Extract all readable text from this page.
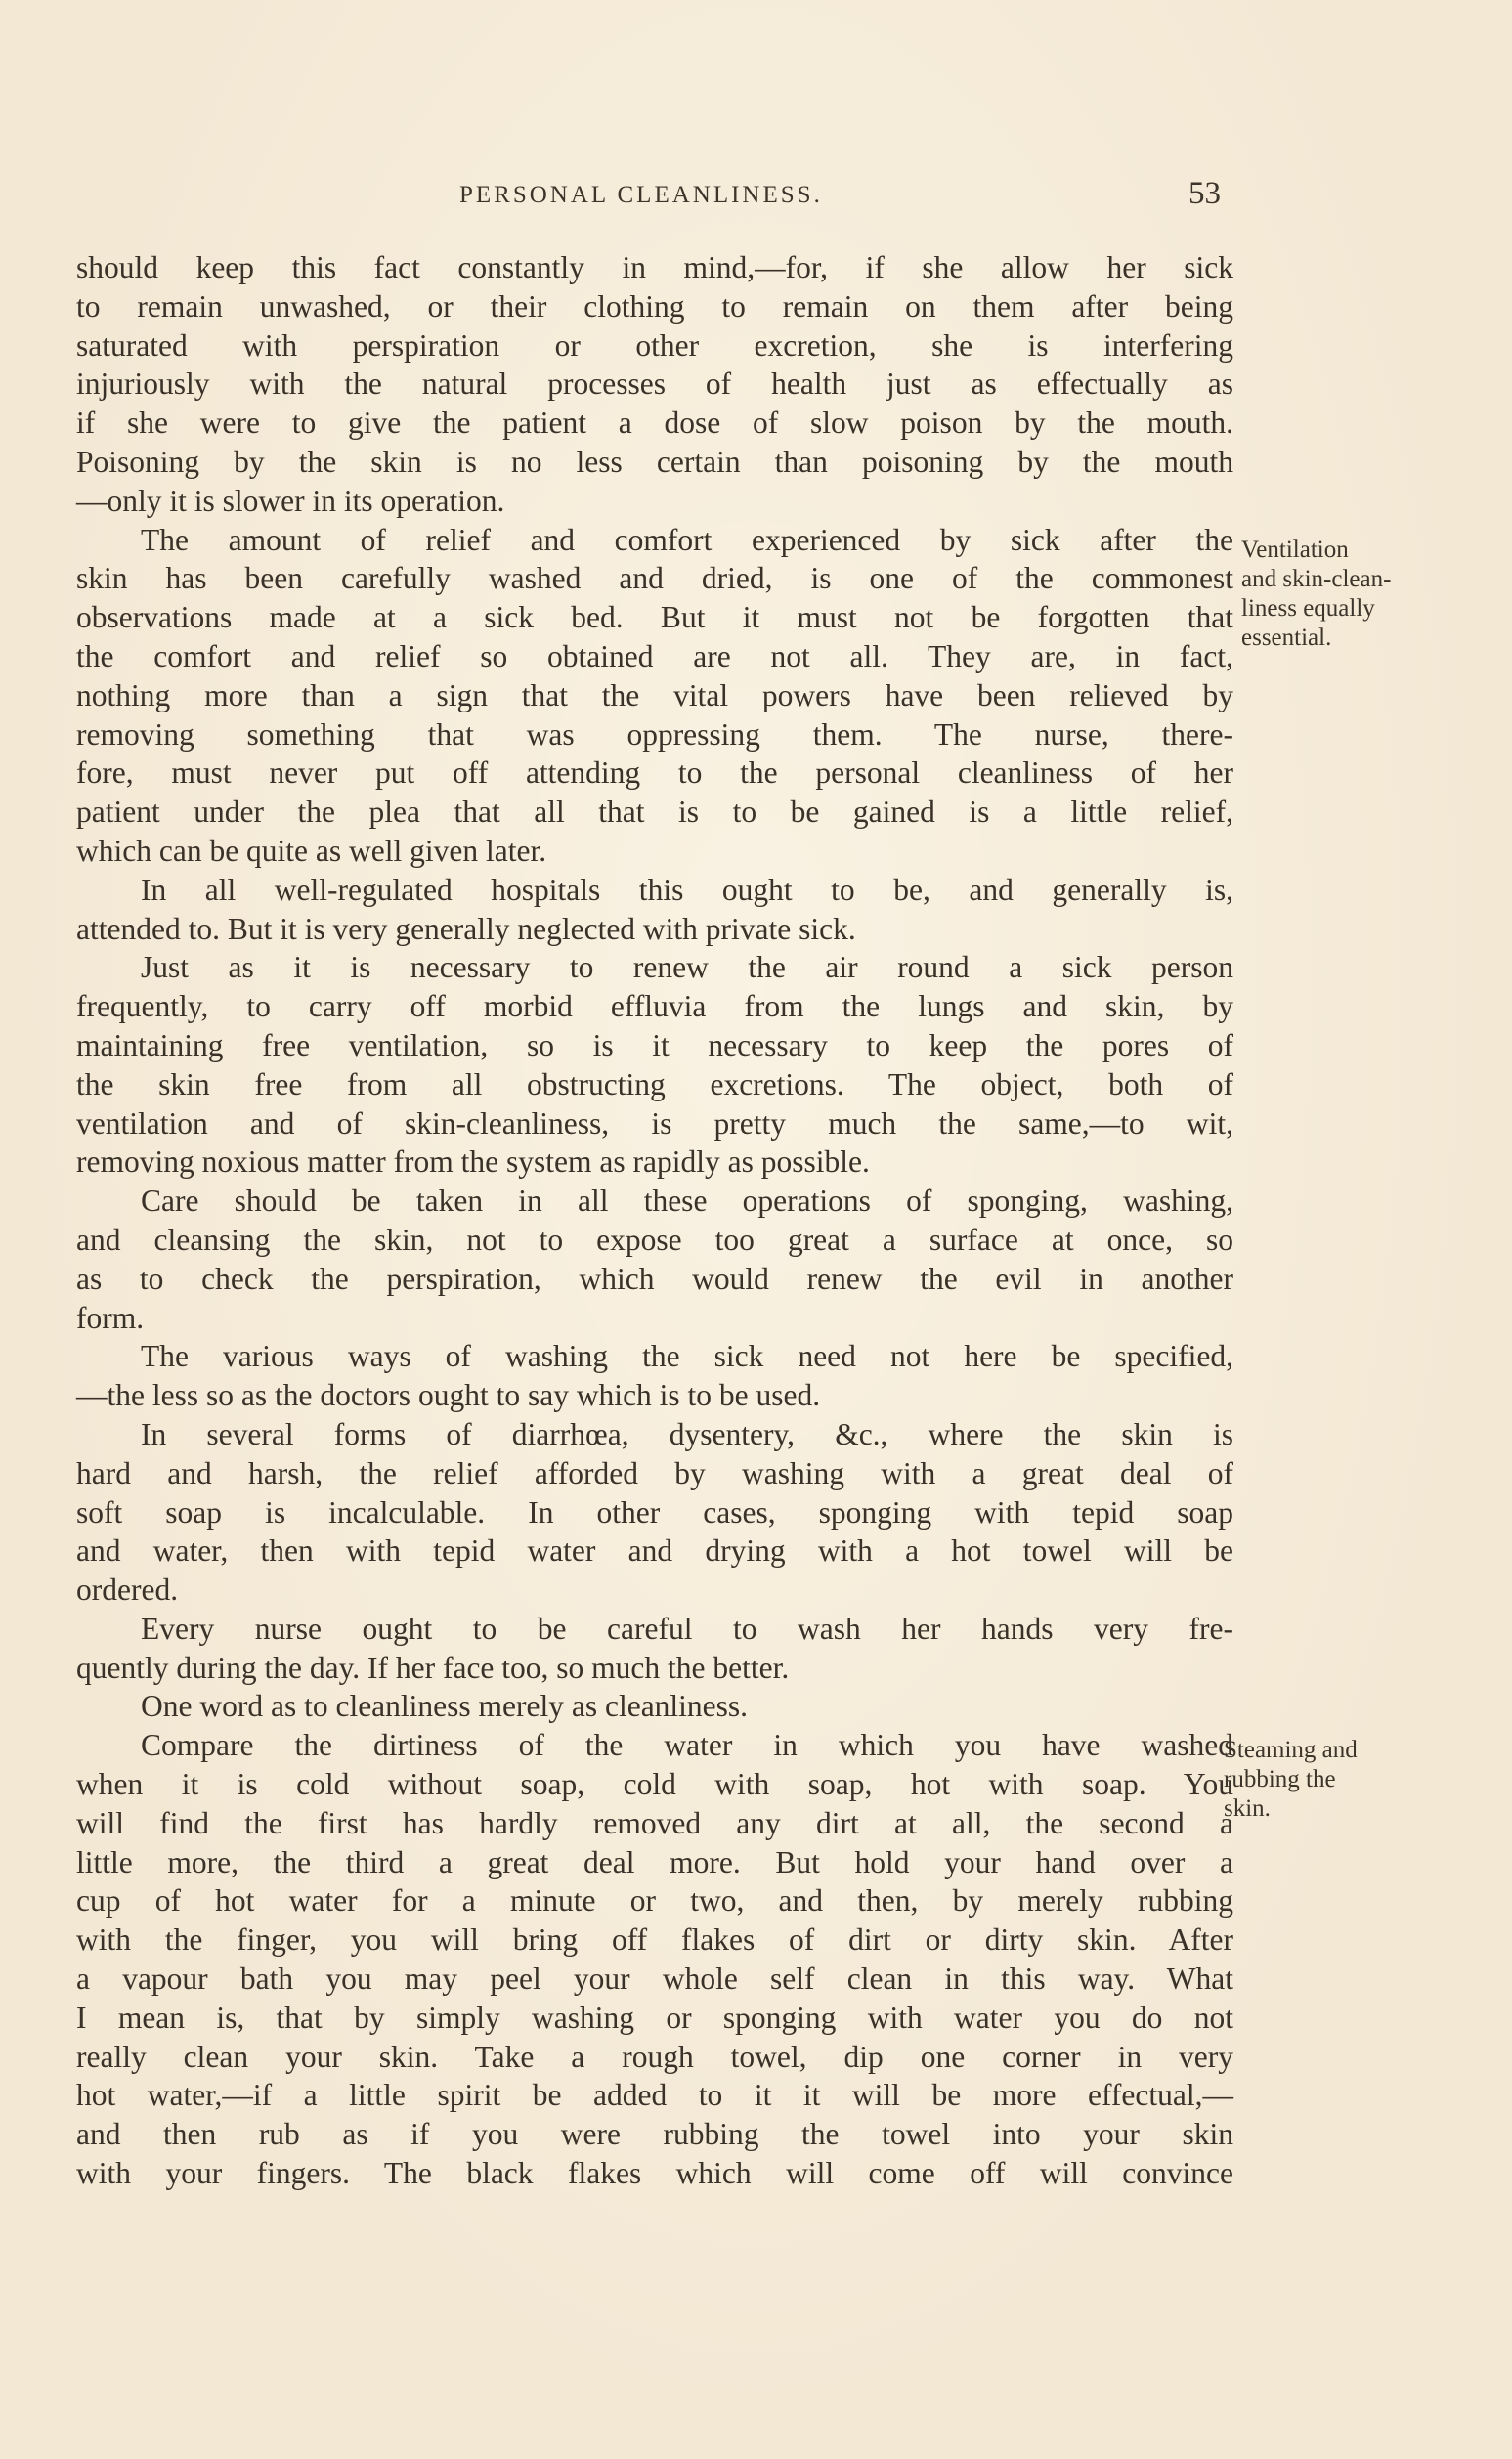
PERSONAL CLEANLINESS.	53
Ventilation
and skin-clean-
liness equally
essential.
Steaming and
rubbing the
skin.
should keep this fact constantly in mind,—for, if she allow her sick
to remain unwashed, or their clothing to remain on them after being
saturated with perspiration or other excretion, she is interfering
injuriously with the natural processes of health just as effectually as
if she were to give the patient a dose of slow poison by the mouth.
Poisoning by the skin is no less certain than poisoning by the mouth
—only it is slower in its operation.
The amount of relief and comfort experienced by sick after the
skin has been carefully washed and dried, is one of the commonest
observations made at a sick bed. But it must not be forgotten that
the comfort and relief so obtained are not all. They are, in fact,
nothing more than a sign that the vital powers have been relieved by
removing something that was oppressing them. The nurse, there-
fore, must never put off attending to the personal cleanliness of her
patient under the plea that all that is to be gained is a little relief,
which can be quite as well given later.
In all well-regulated hospitals this ought to be, and generally is,
attended to. But it is very generally neglected with private sick.
Just as it is necessary to renew the air round a sick person
frequently, to carry off morbid effluvia from the lungs and skin, by
maintaining free ventilation, so is it necessary to keep the pores of
the skin free from all obstructing excretions. The object, both of
ventilation and of skin-cleanliness, is pretty much the same,—to wit,
removing noxious matter from the system as rapidly as possible.
Care should be taken in all these operations of sponging, washing,
and cleansing the skin, not to expose too great a surface at once, so
as to check the perspiration, which would renew the evil in another
form.
The various ways of washing the sick need not here be specified,
—the less so as the doctors ought to say which is to be used.
In several forms of diarrhœa, dysentery, &c., where the skin is
hard and harsh, the relief afforded by washing with a great deal of
soft soap is incalculable. In other cases, sponging with tepid soap
and water, then with tepid water and drying with a hot towel will be
ordered.
Every nurse ought to be careful to wash her hands very fre-
quently during the day. If her face too, so much the better.
One word as to cleanliness merely as cleanliness.
Compare the dirtiness of the water in which you have washed
when it is cold without soap, cold with soap, hot with soap. You
will find the first has hardly removed any dirt at all, the second a
little more, the third a great deal more. But hold your hand over a
cup of hot water for a minute or two, and then, by merely rubbing
with the finger, you will bring off flakes of dirt or dirty skin. After
a vapour bath you may peel your whole self clean in this way. What
I mean is, that by simply washing or sponging with water you do not
really clean your skin. Take a rough towel, dip one corner in very
hot water,—if a little spirit be added to it it will be more effectual,—
and then rub as if you were rubbing the towel into your skin
with your fingers. The black flakes which will come off will convince
